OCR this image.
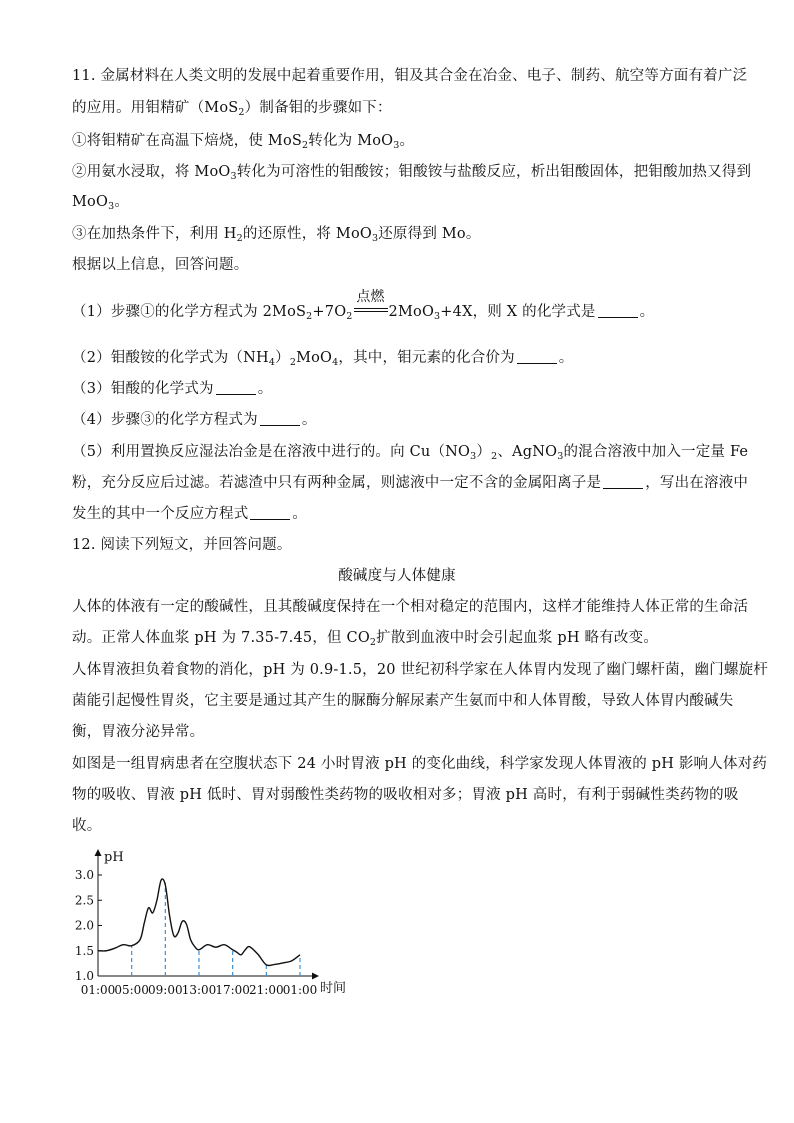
11. 金属材料在人类文明的发展中起着重要作用，钼及其合金在冶金、电子、制药、航空等方面有着广泛
的应用。用钼精矿（MoS$_2$）制备钼的步骤如下：
①将钼精矿在高温下焙烧，使 MoS$_2$转化为 MoO$_3$。
②用氨水浸取，将 MoO$_3$转化为可溶性的钼酸铵；钼酸铵与盐酸反应，析出钼酸固体，把钼酸加热又得到
MoO$_3$。
③在加热条件下，利用 $H_2$的还原性，将 MoO$_3$还原得到 Mo。
根据以上信息，回答问题。
（1）步骤①的化学方程式为 $2MoS_2+7O_2$
点燃
2MoO$_3$+4X，则 X 的化学式是	。
（2）钼酸铵的化学式为$(NH_4)_2MoO_4$，其中，钼元素的化合价为	。
（3）钼酸的化学式为	。
（4）步骤③的化学方程式为	。
（5）利用置换反应湿法冶金是在溶液中进行的。向 $Cu(NO_3)_2$、AgNO$_3$的混合溶液中加入一定量 Fe
粉，充分反应后过滤。若滤渣中只有两种金属，则滤液中一定不含的金属阳离子是	，写出在溶液中
发生的其中一个反应方程式	。
12. 阅读下列短文，并回答问题。
酸碱度与人体健康
人体的体液有一定的酸碱性，且其酸碱度保持在一个相对稳定的范围内，这样才能维持人体正常的生命活
动。正常人体血浆 pH 为 7.35-7.45，但 $CO_2$扩散到血液中时会引起血浆 pH 略有改变。
人体胃液担负着食物的消化，pH 为 0.9-1.5，20 世纪初科学家在人体胃内发现了幽门螺杆菌，幽门螺旋杆
菌能引起慢性胃炎，它主要是通过其产生的脲酶分解尿素产生氨而中和人体胃酸，导致人体胃内酸碱失
衡，胃液分泌异常。
如图是一组胃病患者在空腹状态下 24 小时胃液 pH 的变化曲线，科学家发现人体胃液的 pH 影响人体对药
物的吸收、胃液 pH 低时、胃对弱酸性类药物的吸收相对多；胃液 pH 高时，有利于弱碱性类药物的吸
收。
3.0
2.5
2.0
1.5
1.0
01:00 05:00 09:00 13:00 17:00 21:00 01:00
pH
时间
